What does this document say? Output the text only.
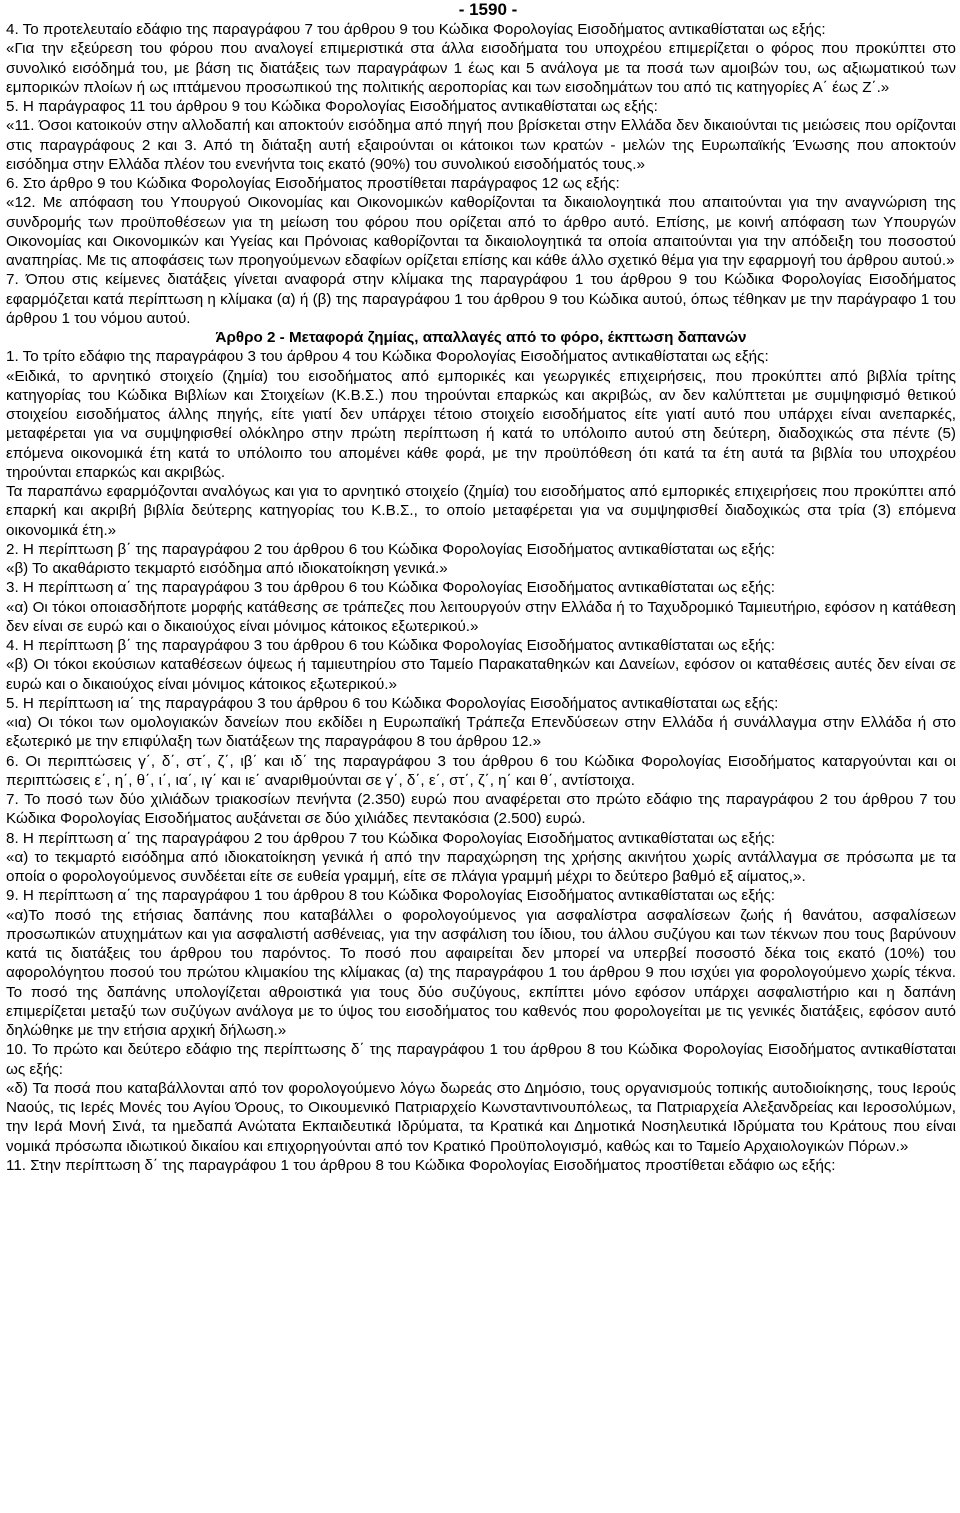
- 1590 -

4. Το προτελευταίο εδάφιο της παραγράφου 7 του άρθρου 9 του Κώδικα Φορολογίας Εισοδήματος αντικαθίσταται ως εξής:

«Για την εξεύρεση του φόρου που αναλογεί επιμεριστικά στα άλλα εισοδήματα του υποχρέου επιμερίζεται ο φόρος που προκύπτει στο συνολικό εισόδημά του, με βάση τις διατάξεις των παραγράφων 1 έως και 5 ανάλογα με τα ποσά των αμοιβών του, ως αξιωματικού των εμπορικών πλοίων ή ως ιπτάμενου προσωπικού της πολιτικής αεροπορίας και των εισοδημάτων του από τις κατηγορίες Α΄ έως Ζ΄.»

5. Η παράγραφος 11 του άρθρου 9 του Κώδικα Φορολογίας Εισοδήματος αντικαθίσταται ως εξής:

«11. Όσοι κατοικούν στην αλλοδαπή και αποκτούν εισόδημα από πηγή που βρίσκεται στην Ελλάδα δεν δικαιούνται τις μειώσεις που ορίζονται στις παραγράφους 2 και 3. Από τη διάταξη αυτή εξαιρούνται οι κάτοικοι των κρατών - μελών της Ευρωπαϊκής Ένωσης που αποκτούν εισόδημα στην Ελλάδα πλέον του ενενήντα τοις εκατό (90%) του συνολικού εισοδήματός τους.»

6. Στο άρθρο 9 του Κώδικα Φορολογίας Εισοδήματος προστίθεται παράγραφος 12 ως εξής:

«12. Με απόφαση του Υπουργού Οικονομίας και Οικονομικών καθορίζονται τα δικαιολογητικά που απαιτούνται για την αναγνώριση της συνδρομής των προϋποθέσεων για τη μείωση του φόρου που ορίζεται από το άρθρο αυτό. Επίσης, με κοινή απόφαση των Υπουργών Οικονομίας και Οικονομικών και Υγείας και Πρόνοιας καθορίζονται τα δικαιολογητικά τα οποία απαιτούνται για την απόδειξη του ποσοστού αναπηρίας. Με τις αποφάσεις των προηγούμενων εδαφίων ορίζεται επίσης και κάθε άλλο σχετικό θέμα για την εφαρμογή του άρθρου αυτού.»

7. Όπου στις κείμενες διατάξεις γίνεται αναφορά στην κλίμακα της παραγράφου 1 του άρθρου 9 του Κώδικα Φορολογίας Εισοδήματος εφαρμόζεται κατά περίπτωση η κλίμακα (α) ή (β) της παραγράφου 1 του άρθρου 9 του Κώδικα αυτού, όπως τέθηκαν με την παράγραφο 1 του άρθρου 1 του νόμου αυτού.

Άρθρο 2 - Μεταφορά ζημίας, απαλλαγές από το φόρο, έκπτωση δαπανών

1. Το τρίτο εδάφιο της παραγράφου 3 του άρθρου 4 του Κώδικα Φορολογίας Εισοδήματος αντικαθίσταται ως εξής:

«Ειδικά, το αρνητικό στοιχείο (ζημία) του εισοδήματος από εμπορικές και γεωργικές επιχειρήσεις, που προκύπτει από βιβλία τρίτης κατηγορίας του Κώδικα Βιβλίων και Στοιχείων (Κ.Β.Σ.) που τηρούνται επαρκώς και ακριβώς, αν δεν καλύπτεται με συμψηφισμό θετικού στοιχείου εισοδήματος άλλης πηγής, είτε γιατί δεν υπάρχει τέτοιο στοιχείο εισοδήματος είτε γιατί αυτό που υπάρχει είναι ανεπαρκές, μεταφέρεται για να συμψηφισθεί ολόκληρο στην πρώτη περίπτωση ή κατά το υπόλοιπο αυτού στη δεύτερη, διαδοχικώς στα πέντε (5) επόμενα οικονομικά έτη κατά το υπόλοιπο του απομένει κάθε φορά, με την προϋπόθεση ότι κατά τα έτη αυτά τα βιβλία του υποχρέου τηρούνται επαρκώς και ακριβώς.

Τα παραπάνω εφαρμόζονται αναλόγως και για το αρνητικό στοιχείο (ζημία) του εισοδήματος από εμπορικές επιχειρήσεις που προκύπτει από επαρκή και ακριβή βιβλία δεύτερης κατηγορίας του Κ.Β.Σ., το οποίο μεταφέρεται για να συμψηφισθεί διαδοχικώς στα τρία (3) επόμενα οικονομικά έτη.»

2. Η περίπτωση β΄ της παραγράφου 2 του άρθρου 6 του Κώδικα Φορολογίας Εισοδήματος αντικαθίσταται ως εξής:

«β) Το ακαθάριστο τεκμαρτό εισόδημα από ιδιοκατοίκηση γενικά.»

3. Η περίπτωση α΄ της παραγράφου 3 του άρθρου 6 του Κώδικα Φορολογίας Εισοδήματος αντικαθίσταται ως εξής:

«α) Οι τόκοι οποιασδήποτε μορφής κατάθεσης σε τράπεζες που λειτουργούν στην Ελλάδα ή το Ταχυδρομικό Ταμιευτήριο, εφόσον η κατάθεση δεν είναι σε ευρώ και ο δικαιούχος είναι μόνιμος κάτοικος εξωτερικού.»

4. Η περίπτωση β΄ της παραγράφου 3 του άρθρου 6 του Κώδικα Φορολογίας Εισοδήματος αντικαθίσταται ως εξής:

«β) Οι τόκοι εκούσιων καταθέσεων όψεως ή ταμιευτηρίου στο Ταμείο Παρακαταθηκών και Δανείων, εφόσον οι καταθέσεις αυτές δεν είναι σε ευρώ και ο δικαιούχος είναι μόνιμος κάτοικος εξωτερικού.»

5. Η περίπτωση ια΄ της παραγράφου 3 του άρθρου 6 του Κώδικα Φορολογίας Εισοδήματος αντικαθίσταται ως εξής:

«ια) Οι τόκοι των ομολογιακών δανείων που εκδίδει η Ευρωπαϊκή Τράπεζα Επενδύσεων στην Ελλάδα ή συνάλλαγμα στην Ελλάδα ή στο εξωτερικό με την επιφύλαξη των διατάξεων της παραγράφου 8 του άρθρου 12.»

6. Οι περιπτώσεις γ΄, δ΄, στ΄, ζ΄, ιβ΄ και ιδ΄ της παραγράφου 3 του άρθρου 6 του Κώδικα Φορολογίας Εισοδήματος καταργούνται και οι περιπτώσεις ε΄, η΄, θ΄, ι΄, ια΄, ιγ΄ και ιε΄ αναριθμούνται σε γ΄, δ΄, ε΄, στ΄, ζ΄, η΄ και θ΄, αντίστοιχα.

7. Το ποσό των δύο χιλιάδων τριακοσίων πενήντα (2.350) ευρώ που αναφέρεται στο πρώτο εδάφιο της παραγράφου 2 του άρθρου 7 του Κώδικα Φορολογίας Εισοδήματος αυξάνεται σε δύο χιλιάδες πεντακόσια (2.500) ευρώ.

8. Η περίπτωση α΄ της παραγράφου 2 του άρθρου 7 του Κώδικα Φορολογίας Εισοδήματος αντικαθίσταται ως εξής:

«α) το τεκμαρτό εισόδημα από ιδιοκατοίκηση γενικά ή από την παραχώρηση της χρήσης ακινήτου χωρίς αντάλλαγμα σε πρόσωπα με τα οποία ο φορολογούμενος συνδέεται είτε σε ευθεία γραμμή, είτε σε πλάγια γραμμή μέχρι το δεύτερο βαθμό εξ αίματος,».

9. Η περίπτωση α΄ της παραγράφου 1 του άρθρου 8 του Κώδικα Φορολογίας Εισοδήματος αντικαθίσταται ως εξής:

«α)Το ποσό της ετήσιας δαπάνης που καταβάλλει ο φορολογούμενος για ασφαλίστρα ασφαλίσεων ζωής ή θανάτου, ασφαλίσεων προσωπικών ατυχημάτων και για ασφαλιστή ασθένειας, για την ασφάλιση του ίδιου, του άλλου συζύγου και των τέκνων που τους βαρύνουν κατά τις διατάξεις του άρθρου του παρόντος. Το ποσό που αφαιρείται δεν μπορεί να υπερβεί ποσοστό δέκα τοις εκατό (10%) του αφορολόγητου ποσού του πρώτου κλιμακίου της κλίμακας (α) της παραγράφου 1 του άρθρου 9 που ισχύει για φορολογούμενο χωρίς τέκνα. Το ποσό της δαπάνης υπολογίζεται αθροιστικά για τους δύο συζύγους, εκπίπτει μόνο εφόσον υπάρχει ασφαλιστήριο και η δαπάνη επιμερίζεται μεταξύ των συζύγων ανάλογα με το ύψος του εισοδήματος του καθενός που φορολογείται με τις γενικές διατάξεις, εφόσον αυτό δηλώθηκε με την ετήσια αρχική δήλωση.»

10. Το πρώτο και δεύτερο εδάφιο της περίπτωσης δ΄ της παραγράφου 1 του άρθρου 8 του Κώδικα Φορολογίας Εισοδήματος αντικαθίσταται ως εξής:

«δ) Τα ποσά που καταβάλλονται από τον φορολογούμενο λόγω δωρεάς στο Δημόσιο, τους οργανισμούς τοπικής αυτοδιοίκησης, τους Ιερούς Ναούς, τις Ιερές Μονές του Αγίου Όρους, το Οικουμενικό Πατριαρχείο Κωνσταντινουπόλεως, τα Πατριαρχεία Αλεξανδρείας και Ιεροσολύμων, την Ιερά Μονή Σινά, τα ημεδαπά Ανώτατα Εκπαιδευτικά Ιδρύματα, τα Κρατικά και Δημοτικά Νοσηλευτικά Ιδρύματα του Κράτους που είναι νομικά πρόσωπα ιδιωτικού δικαίου και επιχορηγούνται από τον Κρατικό Προϋπολογισμό, καθώς και το Ταμείο Αρχαιολογικών Πόρων.»

11. Στην περίπτωση δ΄ της παραγράφου 1 του άρθρου 8 του Κώδικα Φορολογίας Εισοδήματος προστίθεται εδάφιο ως εξής:
